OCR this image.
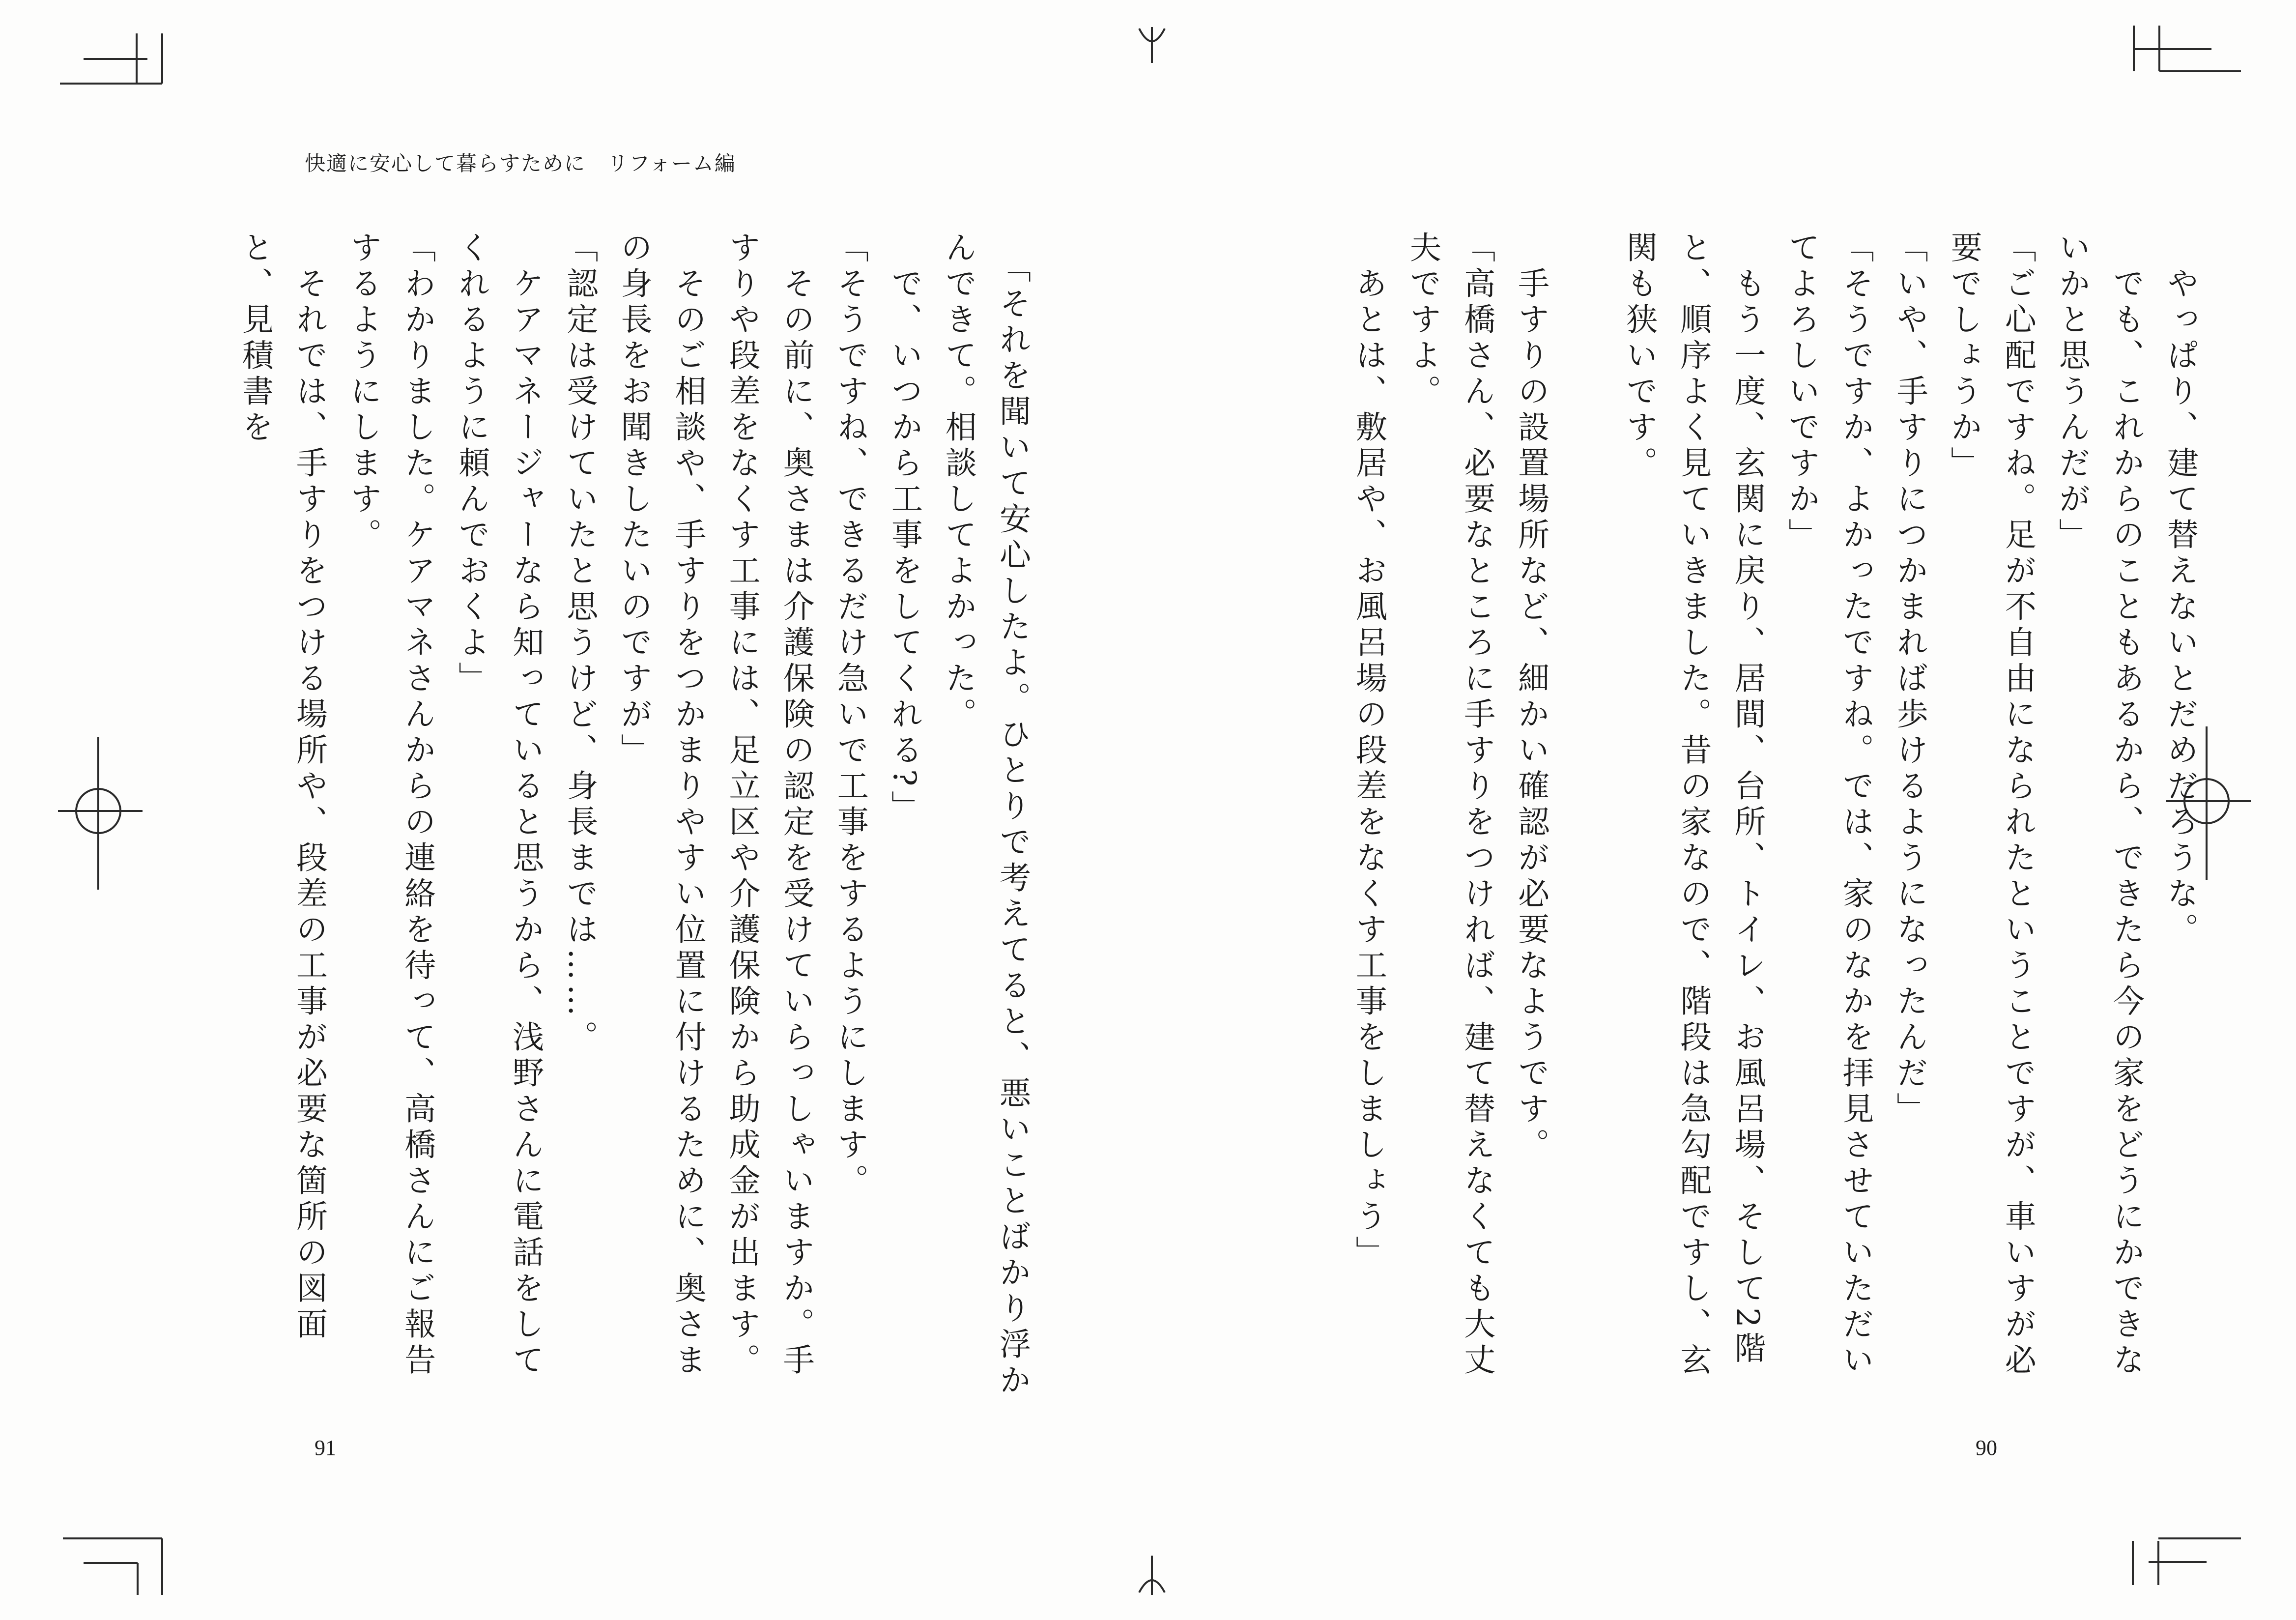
快適に安心して暮らすために　リフォーム編

「それを聞いて安心したよ。ひとりで考えてると、悪いことばかり浮かんできて。相談してよかった。

で、いつから工事をしてくれる?」

「そうですね、できるだけ急いで工事をするようにします。

その前に、奥さまは介護保険の認定を受けていらっしゃいますか。手すりや段差をなくす工事には、足立区や介護保険から助成金が出ます。

そのご相談や、手すりをつかまりやすい位置に付けるために、奥さまの身長をお聞きしたいのですが」

「認定は受けていたと思うけど、身長までは……。

ケアマネージャーなら知っていると思うから、浅野さんに電話をしてくれるように頼んでおくよ」

「わかりました。ケアマネさんからの連絡を待って、高橋さんにご報告するようにします。

それでは、手すりをつける場所や、段差の工事が必要な箇所の図面と、見積書を

91

やっぱり、建て替えないとだめだろうな。

でも、これからのこともあるから、できたら今の家をどうにかできないかと思うんだが」

「ご心配ですね。足が不自由になられたということですが、車いすが必要でしょうか」

「いや、手すりにつかまれば歩けるようになったんだ」

「そうですか、よかったですね。では、家のなかを拝見させていただいてよろしいですか」

もう一度、玄関に戻り、居間、台所、トイレ、お風呂場、そして2階と、順序よく見ていきました。昔の家なので、階段は急勾配ですし、玄関も狭いです。

手すりの設置場所など、細かい確認が必要なようです。

「高橋さん、必要なところに手すりをつければ、建て替えなくても大丈夫ですよ。

あとは、敷居や、お風呂場の段差をなくす工事をしましょう」

90
